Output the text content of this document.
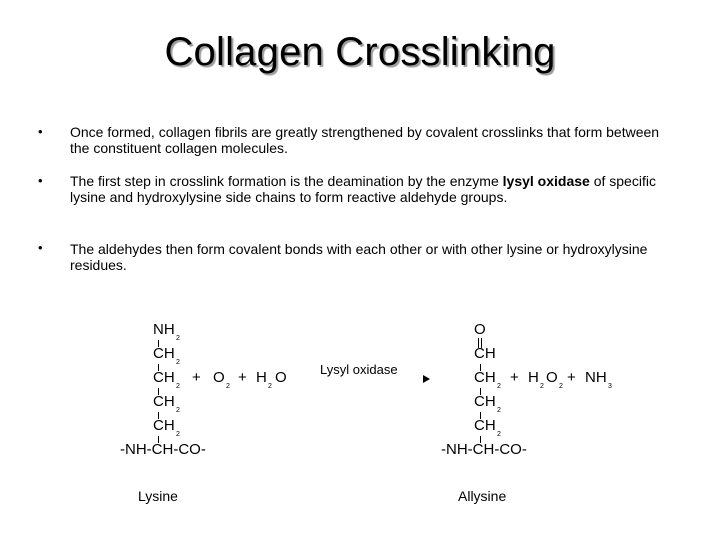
Collagen Crosslinking
• Once formed, collagen fibrils are greatly strengthened by covalent crosslinks that form between the constituent collagen molecules.
• The first step in crosslink formation is the deamination by the enzyme lysyl oxidase of specific lysine and hydroxylysine side chains to form reactive aldehyde groups.
• The aldehydes then form covalent bonds with each other or with other lysine or hydroxylysine residues.
NH
2
CH
2
CH
2
CH
2
CH
2
-NH-CH-CO-
Lysine
+ O
2
+ H
2
O	Lysyl oxidase
O
CH
CH
2
CH
2
CH
2
-NH-CH-CO-
Allysine
+ H
2
O
2
+ NH
3
